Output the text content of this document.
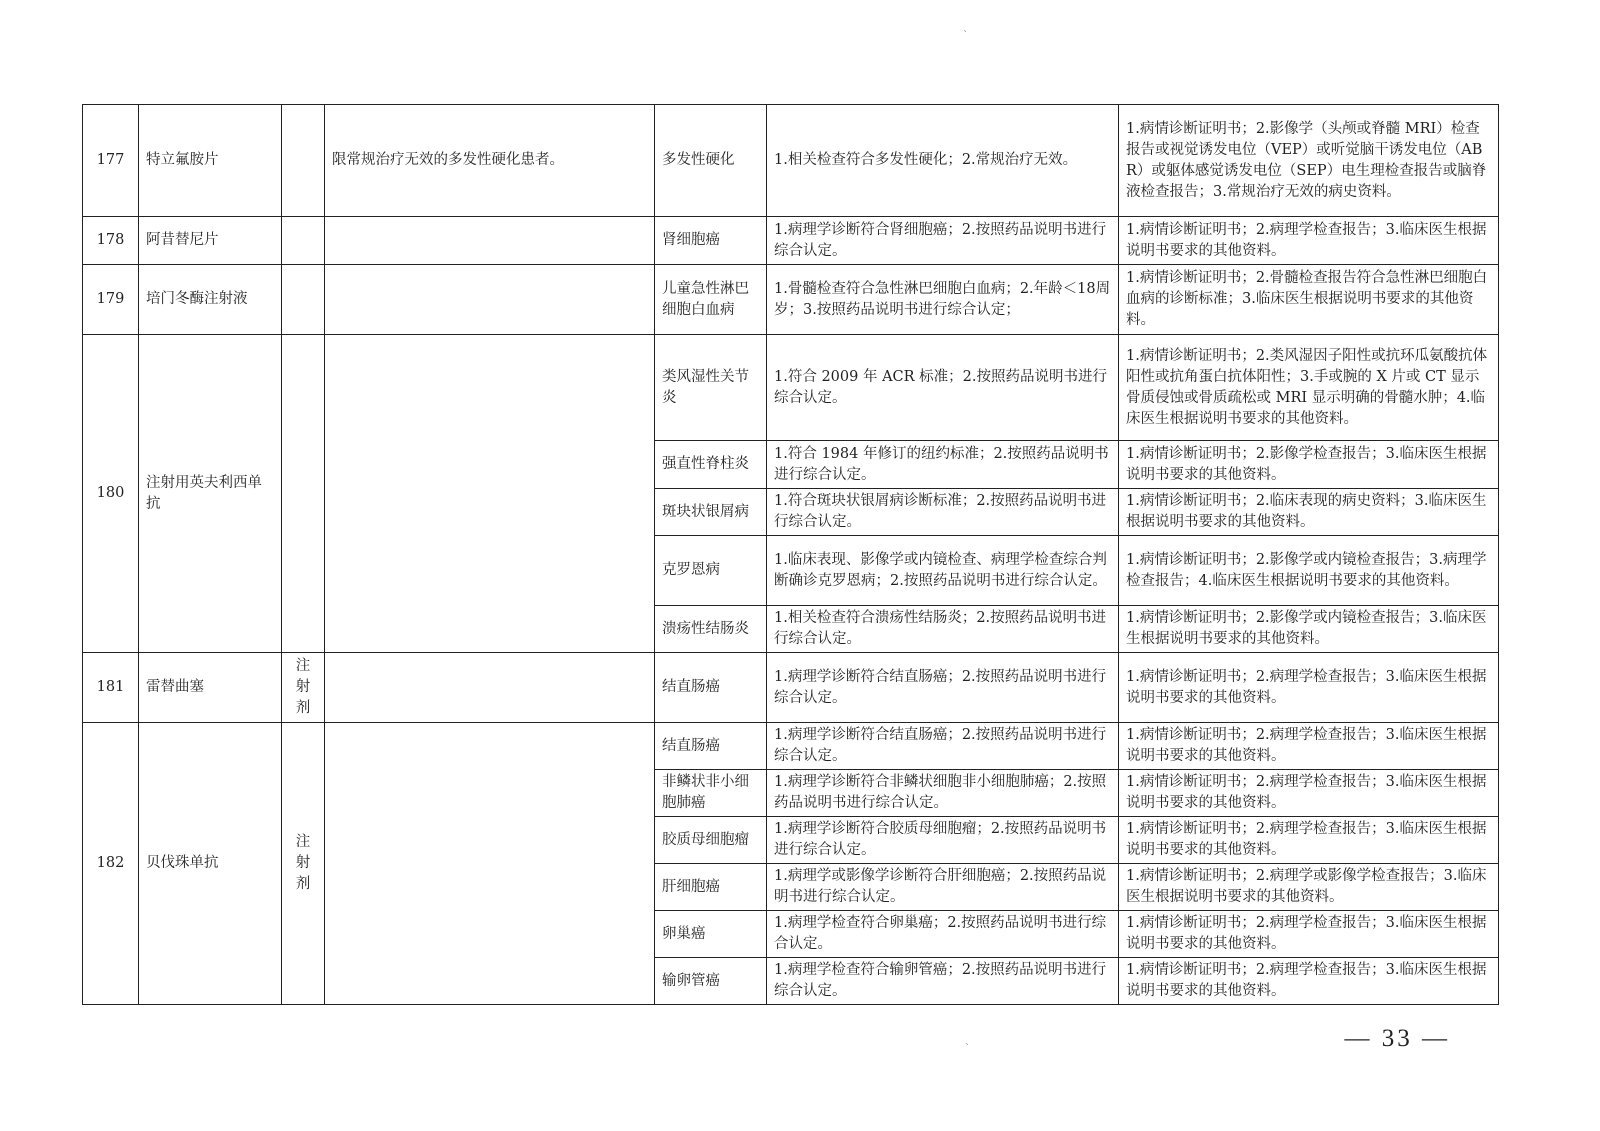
ˋ
ˋ
177	特立氟胺片		限常规治疗无效的多发性硬化患者。	多发性硬化	1.相关检查符合多发性硬化；2.常规治疗无效。	1.病情诊断证明书；2.影像学（头颅或脊髓 MRI）检查报告或视觉诱发电位（VEP）或听觉脑干诱发电位（ABR）或躯体感觉诱发电位（SEP）电生理检查报告或脑脊液检查报告；3.常规治疗无效的病史资料。
178	阿昔替尼片			肾细胞癌	1.病理学诊断符合肾细胞癌；2.按照药品说明书进行综合认定。	1.病情诊断证明书；2.病理学检查报告；3.临床医生根据说明书要求的其他资料。
179	培门冬酶注射液			儿童急性淋巴细胞白血病	1.骨髓检查符合急性淋巴细胞白血病；2.年龄＜18周岁；3.按照药品说明书进行综合认定；	1.病情诊断证明书；2.骨髓检查报告符合急性淋巴细胞白血病的诊断标准；3.临床医生根据说明书要求的其他资料。
180	注射用英夫利西单抗			类风湿性关节炎	1.符合 2009 年 ACR 标准；2.按照药品说明书进行综合认定。	1.病情诊断证明书；2.类风湿因子阳性或抗环瓜氨酸抗体阳性或抗角蛋白抗体阳性；3.手或腕的 X 片或 CT 显示骨质侵蚀或骨质疏松或 MRI 显示明确的骨髓水肿；4.临床医生根据说明书要求的其他资料。
				强直性脊柱炎	1.符合 1984 年修订的纽约标准；2.按照药品说明书进行综合认定。	1.病情诊断证明书；2.影像学检查报告；3.临床医生根据说明书要求的其他资料。
				斑块状银屑病	1.符合斑块状银屑病诊断标准；2.按照药品说明书进行综合认定。	1.病情诊断证明书；2.临床表现的病史资料；3.临床医生根据说明书要求的其他资料。
				克罗恩病	1.临床表现、影像学或内镜检查、病理学检查综合判断确诊克罗恩病；2.按照药品说明书进行综合认定。	1.病情诊断证明书；2.影像学或内镜检查报告；3.病理学检查报告；4.临床医生根据说明书要求的其他资料。
				溃疡性结肠炎	1.相关检查符合溃疡性结肠炎；2.按照药品说明书进行综合认定。	1.病情诊断证明书；2.影像学或内镜检查报告；3.临床医生根据说明书要求的其他资料。
181	雷替曲塞	注射剂		结直肠癌	1.病理学诊断符合结直肠癌；2.按照药品说明书进行综合认定。	1.病情诊断证明书；2.病理学检查报告；3.临床医生根据说明书要求的其他资料。
182	贝伐珠单抗	注射剂		结直肠癌	1.病理学诊断符合结直肠癌；2.按照药品说明书进行综合认定。	1.病情诊断证明书；2.病理学检查报告；3.临床医生根据说明书要求的其他资料。
				非鳞状非小细胞肺癌	1.病理学诊断符合非鳞状细胞非小细胞肺癌；2.按照药品说明书进行综合认定。	1.病情诊断证明书；2.病理学检查报告；3.临床医生根据说明书要求的其他资料。
				胶质母细胞瘤	1.病理学诊断符合胶质母细胞瘤；2.按照药品说明书进行综合认定。	1.病情诊断证明书；2.病理学检查报告；3.临床医生根据说明书要求的其他资料。
				肝细胞癌	1.病理学或影像学诊断符合肝细胞癌；2.按照药品说明书进行综合认定。	1.病情诊断证明书；2.病理学或影像学检查报告；3.临床医生根据说明书要求的其他资料。
				卵巢癌	1.病理学检查符合卵巢癌；2.按照药品说明书进行综合认定。	1.病情诊断证明书；2.病理学检查报告；3.临床医生根据说明书要求的其他资料。
				输卵管癌	1.病理学检查符合输卵管癌；2.按照药品说明书进行综合认定。	1.病情诊断证明书；2.病理学检查报告；3.临床医生根据说明书要求的其他资料。
— 33 —
